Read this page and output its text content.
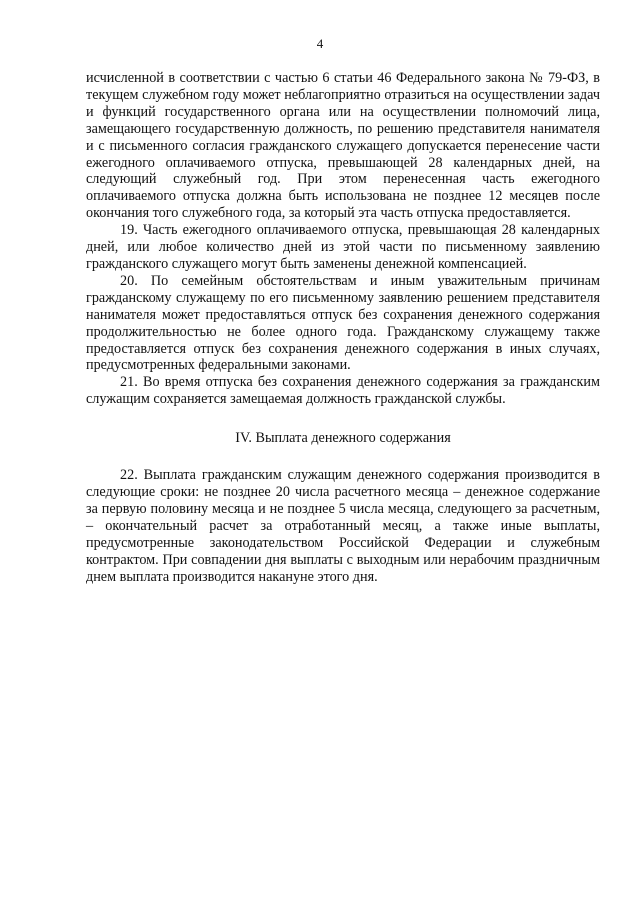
4

исчисленной в соответствии с частью 6 статьи 46 Федерального закона № 79-ФЗ, в текущем служебном году может неблагоприятно отразиться на осуществлении задач и функций государственного органа или на осуществлении полномочий лица, замещающего государственную должность, по решению представителя нанимателя и с письменного согласия гражданского служащего допускается перенесение части ежегодного оплачиваемого отпуска, превышающей 28 календарных дней, на следующий служебный год. При этом перенесенная часть ежегодного оплачиваемого отпуска должна быть использована не позднее 12 месяцев после окончания того служебного года, за который эта часть отпуска предоставляется.

19. Часть ежегодного оплачиваемого отпуска, превышающая 28 календарных дней, или любое количество дней из этой части по письменному заявлению гражданского служащего могут быть заменены денежной компенсацией.

20. По семейным обстоятельствам и иным уважительным причинам гражданскому служащему по его письменному заявлению решением представителя нанимателя может предоставляться отпуск без сохранения денежного содержания продолжительностью не более одного года. Гражданскому служащему также предоставляется отпуск без сохранения денежного содержания в иных случаях, предусмотренных федеральными законами.

21. Во время отпуска без сохранения денежного содержания за гражданским служащим сохраняется замещаемая должность гражданской службы.

IV. Выплата денежного содержания

22. Выплата гражданским служащим денежного содержания производится в следующие сроки: не позднее 20 числа расчетного месяца – денежное содержание за первую половину месяца и не позднее 5 числа месяца, следующего за расчетным, – окончательный расчет за отработанный месяц, а также иные выплаты, предусмотренные законодательством Российской Федерации и служебным контрактом. При совпадении дня выплаты с выходным или нерабочим праздничным днем выплата производится накануне этого дня.
